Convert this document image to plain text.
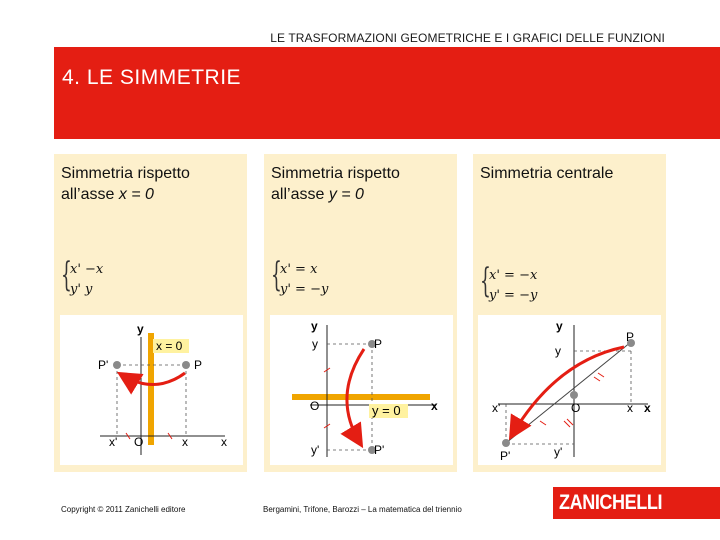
LE TRASFORMAZIONI GEOMETRICHE E I GRAFICI DELLE FUNZIONI
4. LE SIMMETRIE
Simmetria rispetto
all’asse x = 0
{
x' −x
y' y
Simmetria rispetto
all’asse y = 0
{
x' = x
y' = −y
Simmetria centrale
{
x' = −x
y' = −y
x = 0
P
P'
y
O	x
x
x'
y = 0
P
P'
y
y
y'
O	x
P
P'
O
y
y
y'
x'	x x
Copyright © 2011 Zanichelli editore	Bergamini, Trifone, Barozzi – La matematica del triennio	ZANICHELLI
